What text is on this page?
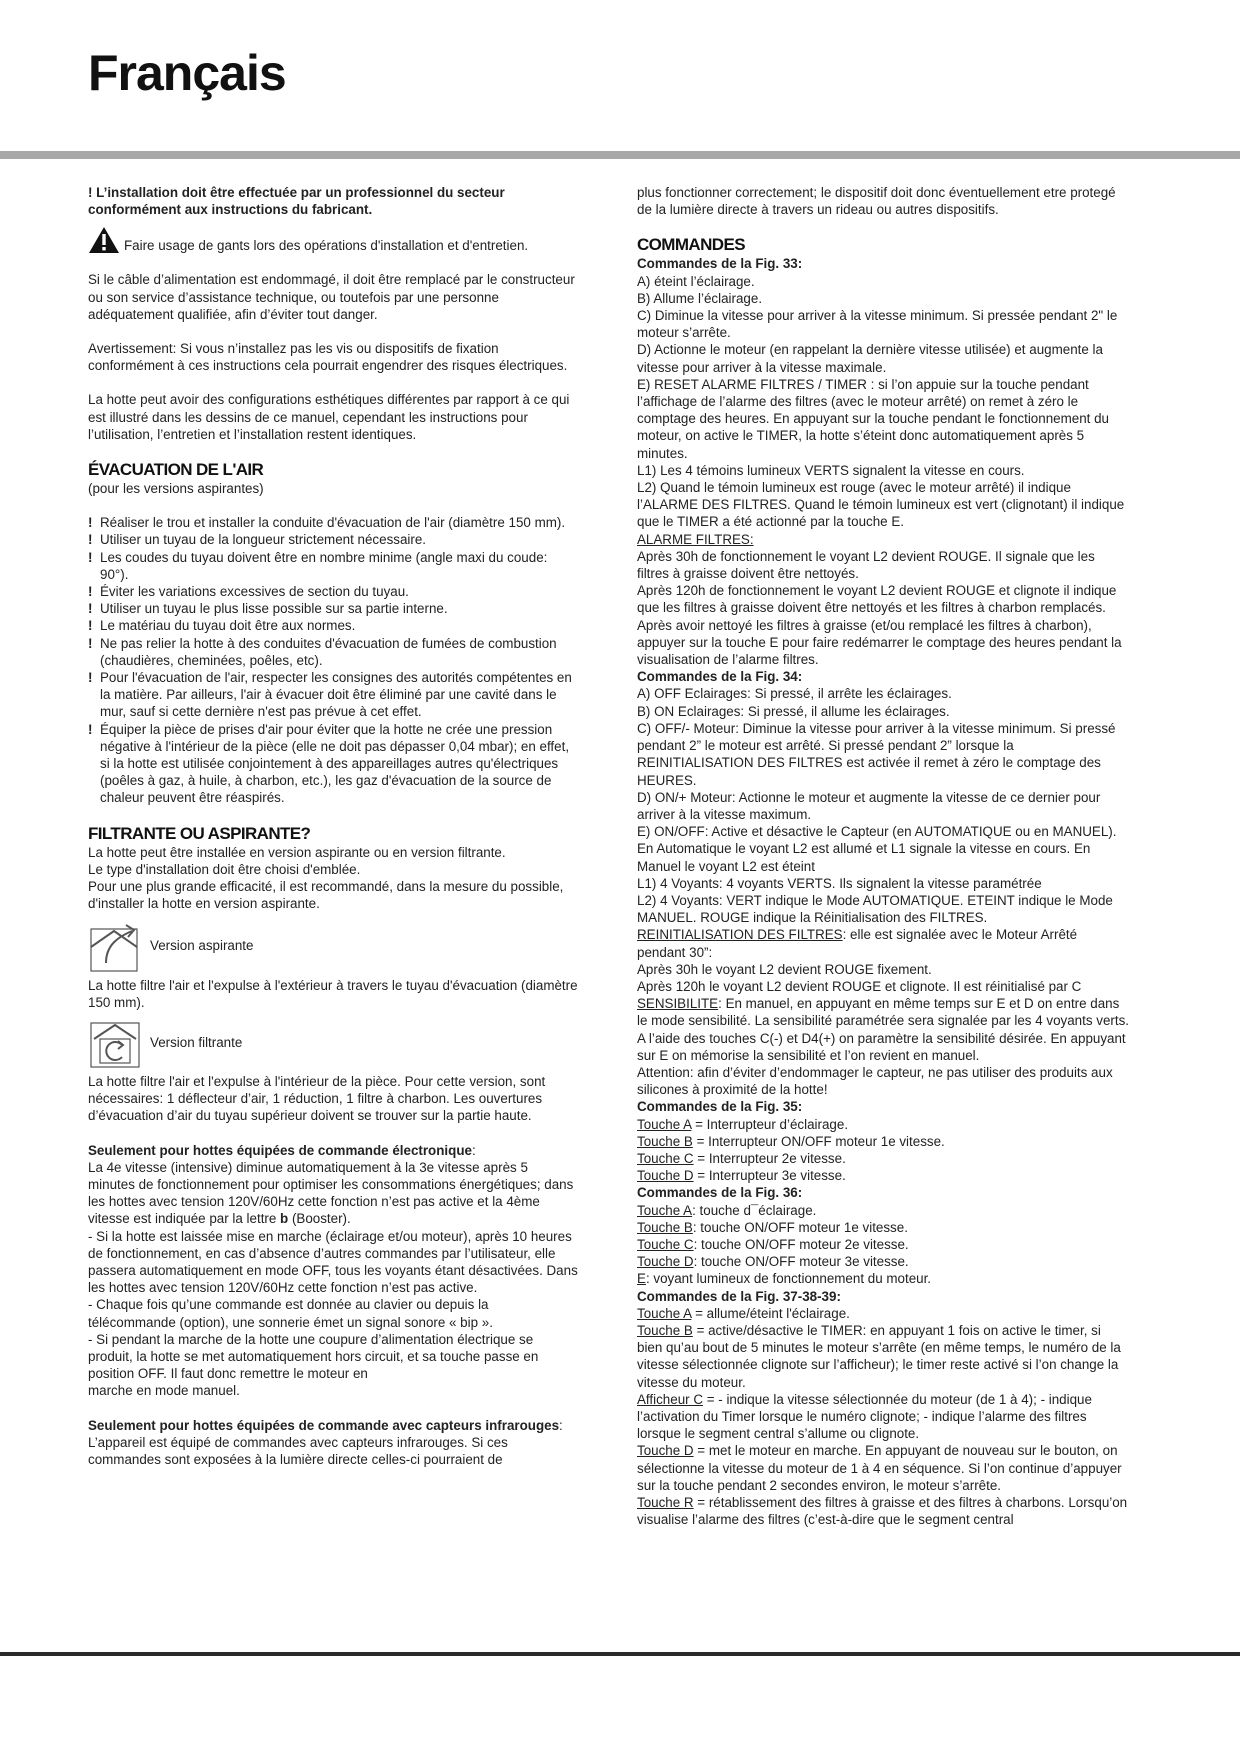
Français

! L’installation doit être effectuée par un professionnel du secteur conformément aux instructions du fabricant.

Faire usage de gants lors des opérations d'installation et d'entretien.

Si le câble d’alimentation est endommagé, il doit être remplacé par le constructeur ou son service d’assistance technique, ou toutefois par une personne adéquatement qualifiée, afin d’éviter tout danger.

Avertissement: Si vous n’installez pas les vis ou dispositifs de fixation conformément à ces instructions cela pourrait engendrer des risques électriques.

La hotte peut avoir des configurations esthétiques différentes par rapport à ce qui est illustré dans les dessins de ce manuel, cependant les instructions pour l’utilisation, l’entretien et l’installation restent identiques.

ÉVACUATION DE L'AIR

(pour les versions aspirantes)

! Réaliser le trou et installer la conduite d'évacuation de l'air (diamètre 150 mm).

! Utiliser un tuyau de la longueur strictement nécessaire.

! Les coudes du tuyau doivent être en nombre minime (angle maxi du coude: 90°).

! Éviter les variations excessives de section du tuyau.

! Utiliser un tuyau le plus lisse possible sur sa partie interne.

! Le matériau du tuyau doit être aux normes.

! Ne pas relier la hotte à des conduites d'évacuation de fumées de combustion (chaudières, cheminées, poêles, etc).

! Pour l'évacuation de l'air, respecter les consignes des autorités compétentes en la matière. Par ailleurs, l'air à évacuer doit être éliminé par une cavité dans le mur, sauf si cette dernière n'est pas prévue à cet effet.

! Équiper la pièce de prises d'air pour éviter que la hotte ne crée une pression négative à l'intérieur de la pièce (elle ne doit pas dépasser 0,04 mbar); en effet, si la hotte est utilisée conjointement à des appareillages autres qu'électriques (poêles à gaz, à huile, à charbon, etc.), les gaz d'évacuation de la source de chaleur peuvent être réaspirés.

FILTRANTE OU ASPIRANTE?

La hotte peut être installée en version aspirante ou en version filtrante.

Le type d'installation doit être choisi d'emblée.

Pour une plus grande efficacité, il est recommandé, dans la mesure du possible, d'installer la hotte en version aspirante.

Version aspirante

La hotte filtre l'air et l'expulse à l'extérieur à travers le tuyau d'évacuation (diamètre 150 mm).

Version filtrante

La hotte filtre l'air et l'expulse à l'intérieur de la pièce. Pour cette version, sont nécessaires: 1 déflecteur d’air, 1 réduction, 1 filtre à charbon. Les ouvertures d’évacuation d’air du tuyau supérieur doivent se trouver sur la partie haute.

Seulement pour hottes équipées de commande électronique:

La 4e vitesse (intensive) diminue automatiquement à la 3e vitesse après 5 minutes de fonctionnement pour optimiser les consommations énergétiques; dans les hottes avec tension 120V/60Hz cette fonction n’est pas active et la 4ème vitesse est indiquée par la lettre b (Booster).

- Si la hotte est laissée mise en marche (éclairage et/ou moteur), après 10 heures de fonctionnement, en cas d’absence d’autres commandes par l’utilisateur, elle passera automatiquement en mode OFF, tous les voyants étant désactivées. Dans les hottes avec tension 120V/60Hz cette fonction n’est pas active.

- Chaque fois qu’une commande est donnée au clavier ou depuis la télécommande (option), une sonnerie émet un signal sonore « bip ».

- Si pendant la marche de la hotte une coupure d’alimentation électrique se produit, la hotte se met automatiquement hors circuit, et sa touche passe en position OFF. Il faut donc remettre le moteur en

marche en mode manuel.

Seulement pour hottes équipées de commande avec capteurs infrarouges:

L’appareil est équipé de commandes avec capteurs infrarouges. Si ces commandes sont exposées à la lumière directe celles-ci pourraient de

plus fonctionner correctement; le dispositif doit donc éventuellement etre protegé de la lumière directe à travers un rideau ou autres dispositifs.

COMMANDES

Commandes de la Fig. 33:

A) éteint l’éclairage.

B) Allume l’éclairage.

C) Diminue la vitesse pour arriver à la vitesse minimum. Si pressée pendant 2" le moteur s’arrête.

D) Actionne le moteur (en rappelant la dernière vitesse utilisée) et augmente la vitesse pour arriver à la vitesse maximale.

E) RESET ALARME FILTRES / TIMER : si l’on appuie sur la touche pendant l’affichage de l’alarme des filtres (avec le moteur arrêté) on remet à zéro le comptage des heures. En appuyant sur la touche pendant le fonctionnement du moteur, on active le TIMER, la hotte s’éteint donc automatiquement après 5 minutes.

L1) Les 4 témoins lumineux VERTS signalent la vitesse en cours.

L2) Quand le témoin lumineux est rouge (avec le moteur arrêté) il indique l’ALARME DES FILTRES. Quand le témoin lumineux est vert (clignotant) il indique que le TIMER a été actionné par la touche E.

ALARME FILTRES:

Après 30h de fonctionnement le voyant L2 devient ROUGE. Il signale que les filtres à graisse doivent être nettoyés.

Après 120h de fonctionnement le voyant L2 devient ROUGE et clignote il indique que les filtres à graisse doivent être nettoyés et les filtres à charbon remplacés.

Après avoir nettoyé les filtres à graisse (et/ou remplacé les filtres à charbon), appuyer sur la touche E pour faire redémarrer le comptage des heures pendant la visualisation de l’alarme filtres.

Commandes de la Fig. 34:

A) OFF Eclairages: Si pressé, il arrête les éclairages.

B) ON Eclairages: Si pressé, il allume les éclairages.

C) OFF/- Moteur: Diminue la vitesse pour arriver à la vitesse minimum. Si pressé pendant 2” le moteur est arrêté. Si pressé pendant 2” lorsque la REINITIALISATION DES FILTRES est activée il remet à zéro le comptage des HEURES.

D) ON/+ Moteur: Actionne le moteur et augmente la vitesse de ce dernier pour arriver à la vitesse maximum.

E) ON/OFF: Active et désactive le Capteur (en AUTOMATIQUE ou en MANUEL). En Automatique le voyant L2 est allumé et L1 signale la vitesse en cours. En Manuel le voyant L2 est éteint

L1) 4 Voyants: 4 voyants VERTS. Ils signalent la vitesse paramétrée

L2) 4 Voyants: VERT indique le Mode AUTOMATIQUE. ETEINT indique le Mode MANUEL. ROUGE indique la Réinitialisation des FILTRES.

REINITIALISATION DES FILTRES: elle est signalée avec le Moteur Arrêté pendant 30”:

Après 30h le voyant L2 devient ROUGE fixement.

Après 120h le voyant L2 devient ROUGE et clignote. Il est réinitialisé par C

SENSIBILITE: En manuel, en appuyant en même temps sur E et D on entre dans le mode sensibilité. La sensibilité paramétrée sera signalée par les 4 voyants verts. A l’aide des touches C(-) et D4(+) on paramètre la sensibilité désirée. En appuyant sur E on mémorise la sensibilité et l’on revient en manuel.

Attention: afin d’éviter d’endommager le capteur, ne pas utiliser des produits aux silicones à proximité de la hotte!

Commandes de la Fig. 35:

Touche A = Interrupteur d’éclairage.

Touche B = Interrupteur ON/OFF moteur 1e vitesse.

Touche C = Interrupteur 2e vitesse.

Touche D = Interrupteur 3e vitesse.

Commandes de la Fig. 36:

Touche A: touche d¯éclairage.

Touche B: touche ON/OFF moteur 1e vitesse.

Touche C: touche ON/OFF moteur 2e vitesse.

Touche D: touche ON/OFF moteur 3e vitesse.

E: voyant lumineux de fonctionnement du moteur.

Commandes de la Fig. 37-38-39:

Touche A = allume/éteint l'éclairage.

Touche B = active/désactive le TIMER: en appuyant 1 fois on active le timer, si bien qu’au bout de 5 minutes le moteur s’arrête (en même temps, le numéro de la vitesse sélectionnée clignote sur l’afficheur); le timer reste activé si l’on change la vitesse du moteur.

Afficheur C = - indique la vitesse sélectionnée du moteur (de 1 à 4); - indique l’activation du Timer lorsque le numéro clignote; - indique l’alarme des filtres lorsque le segment central s’allume ou clignote.

Touche D = met le moteur en marche. En appuyant de nouveau sur le bouton, on sélectionne la vitesse du moteur de 1 à 4 en séquence. Si l’on continue d’appuyer sur la touche pendant 2 secondes environ, le moteur s’arrête.

Touche R = rétablissement des filtres à graisse et des filtres à charbons. Lorsqu’on visualise l’alarme des filtres (c’est-à-dire que le segment central
